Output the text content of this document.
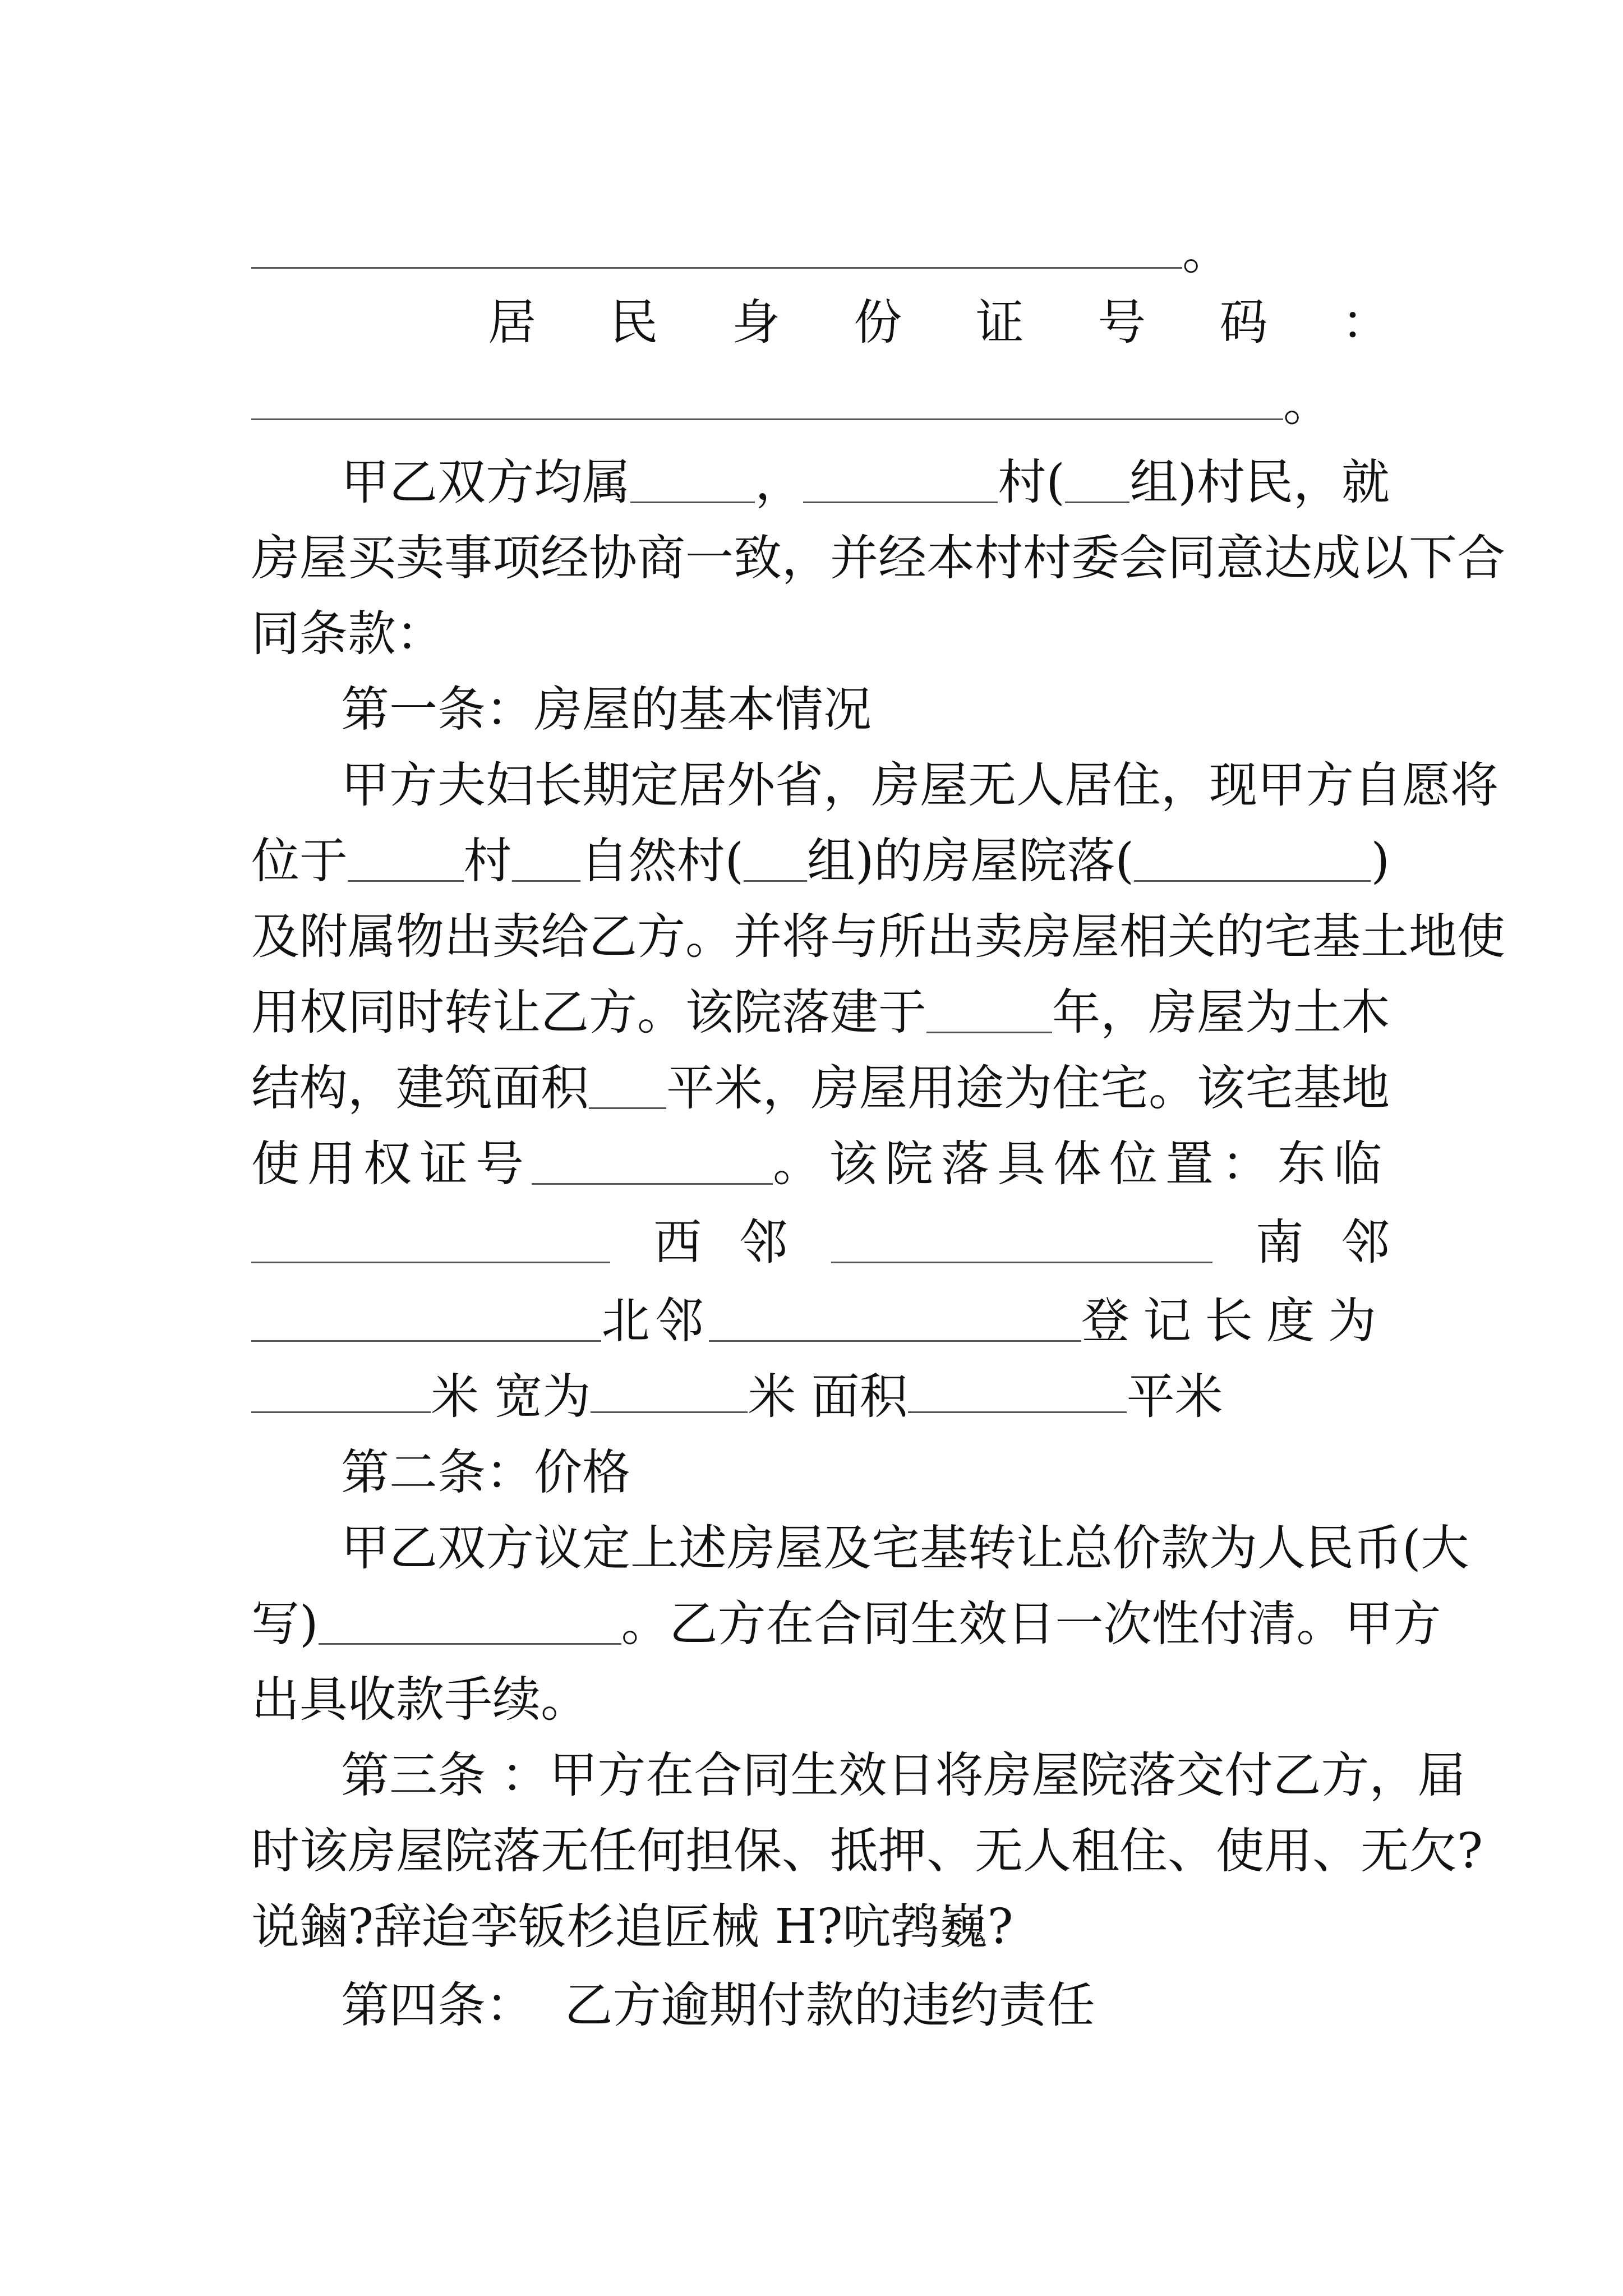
。
居 民 身 份 证 号 码 ：
。
甲乙双方均属	，	村( 组)村民，就
房屋买卖事项经协商一致，并经本村村委会同意达成以下合
同条款：
第一条：房屋的基本情况
甲方夫妇长期定居外省，房屋无人居住，现甲方自愿将
位于 村 自然村( 组)的房屋院落(	)
及附属物出卖给乙方。并将与所出卖房屋相关的宅基土地使
用权同时转让乙方。该院落建于	年，房屋为土木
结构，建筑面积 平米，房屋用途为住宅。该宅基地
使用权证号	。该院落具体位置：东临
西 邻	南 邻
北邻	登记长度为
米 宽为	米 面积	平米
第二条：价格
甲乙双方议定上述房屋及宅基转让总价款为人民币(大
写)	。乙方在合同生效日一次性付清。甲方
出具收款手续。
第三条 ：甲方在合同生效日将房屋院落交付乙方，届
时该房屋院落无任何担保、抵押、无人租住、使用、无欠?
说鏀?辞迨孪钣杉追匠械 H?吭鹁巍?
第四条：  乙方逾期付款的违约责任
